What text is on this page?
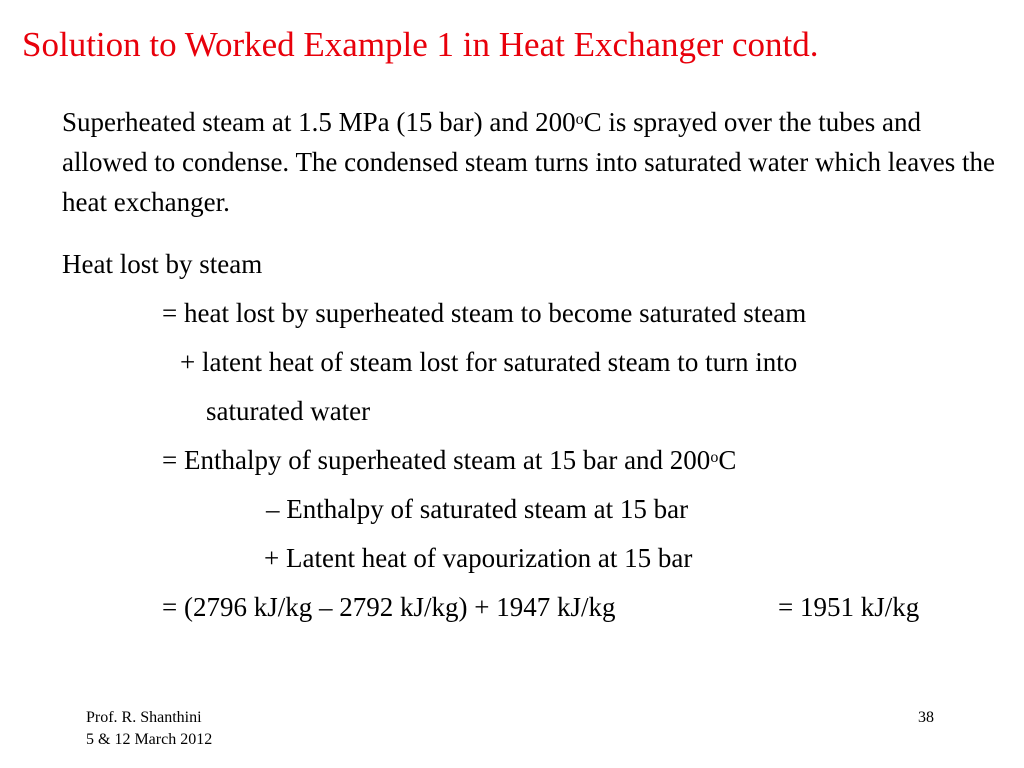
Solution to Worked Example 1 in Heat Exchanger contd.
Superheated steam at 1.5 MPa (15 bar) and 200$^o$C is sprayed over the tubes and allowed to condense. The condensed steam turns into saturated water which leaves the heat exchanger.
Heat lost by steam
= heat lost by superheated steam to become saturated steam
+ latent heat of steam lost for saturated steam to turn into
saturated water
= Enthalpy of superheated steam at 15 bar and 200$^o$C
– Enthalpy of saturated steam at 15 bar
+ Latent heat of vapourization at 15 bar
= (2796 kJ/kg – 2792 kJ/kg) + 1947 kJ/kg	= 1951 kJ/kg
Prof. R. Shanthini
5 & 12 March 2012
38
